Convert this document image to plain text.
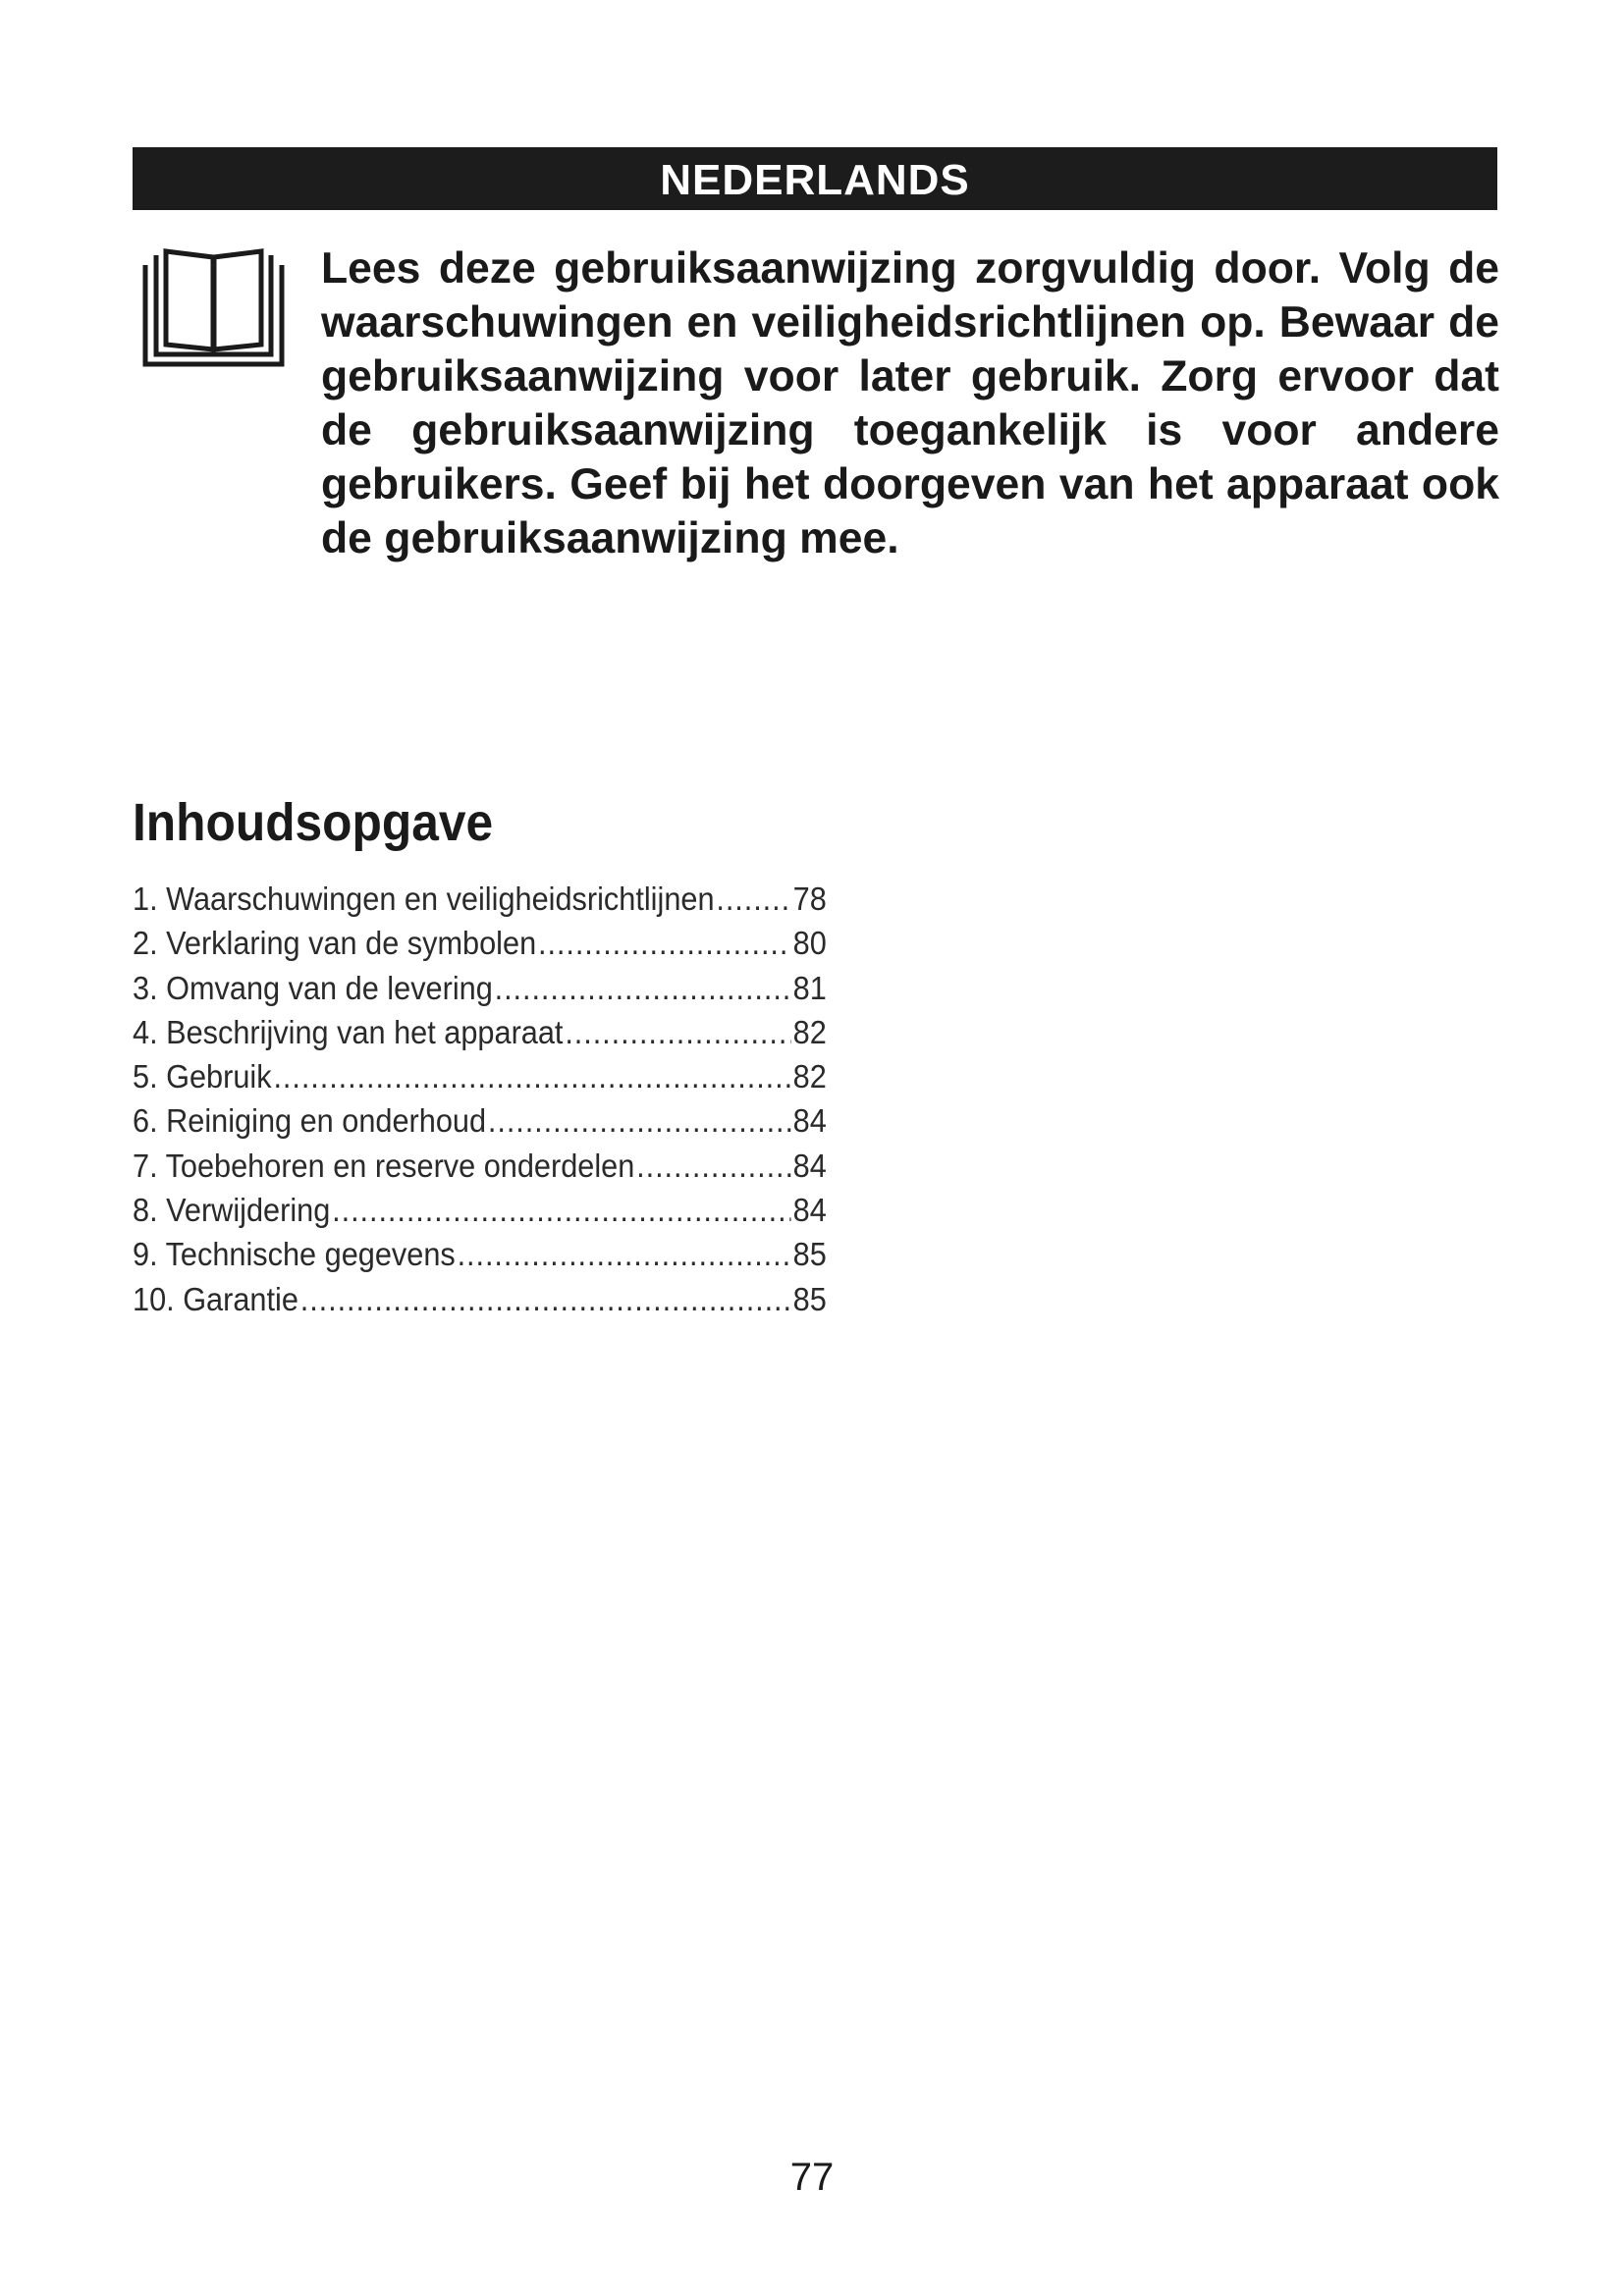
NEDERLANDS
Lees deze gebruiksaanwijzing zorgvuldig door. Volg de waarschuwingen en veiligheidsrichtlijnen op. Bewaar de gebruiksaanwijzing voor later gebruik. Zorg ervoor dat de gebruiksaanwijzing toegankelijk is voor andere gebruikers. Geef bij het doorgeven van het apparaat ook de gebruiksaanwijzing mee.
Inhoudsopgave
1. Waarschuwingen en veiligheidsrichtlijnen ..... 78
2. Verklaring van de symbolen .....	80
3. Omvang van de levering .....	81
4. Beschrijving van het apparaat .....	82
5. Gebruik .....	82
6. Reiniging en onderhoud .....	84
7. Toebehoren en reserve onderdelen .....	84
8. Verwijdering .....	84
9. Technische gegevens .....	85
10. Garantie .....	85
77
